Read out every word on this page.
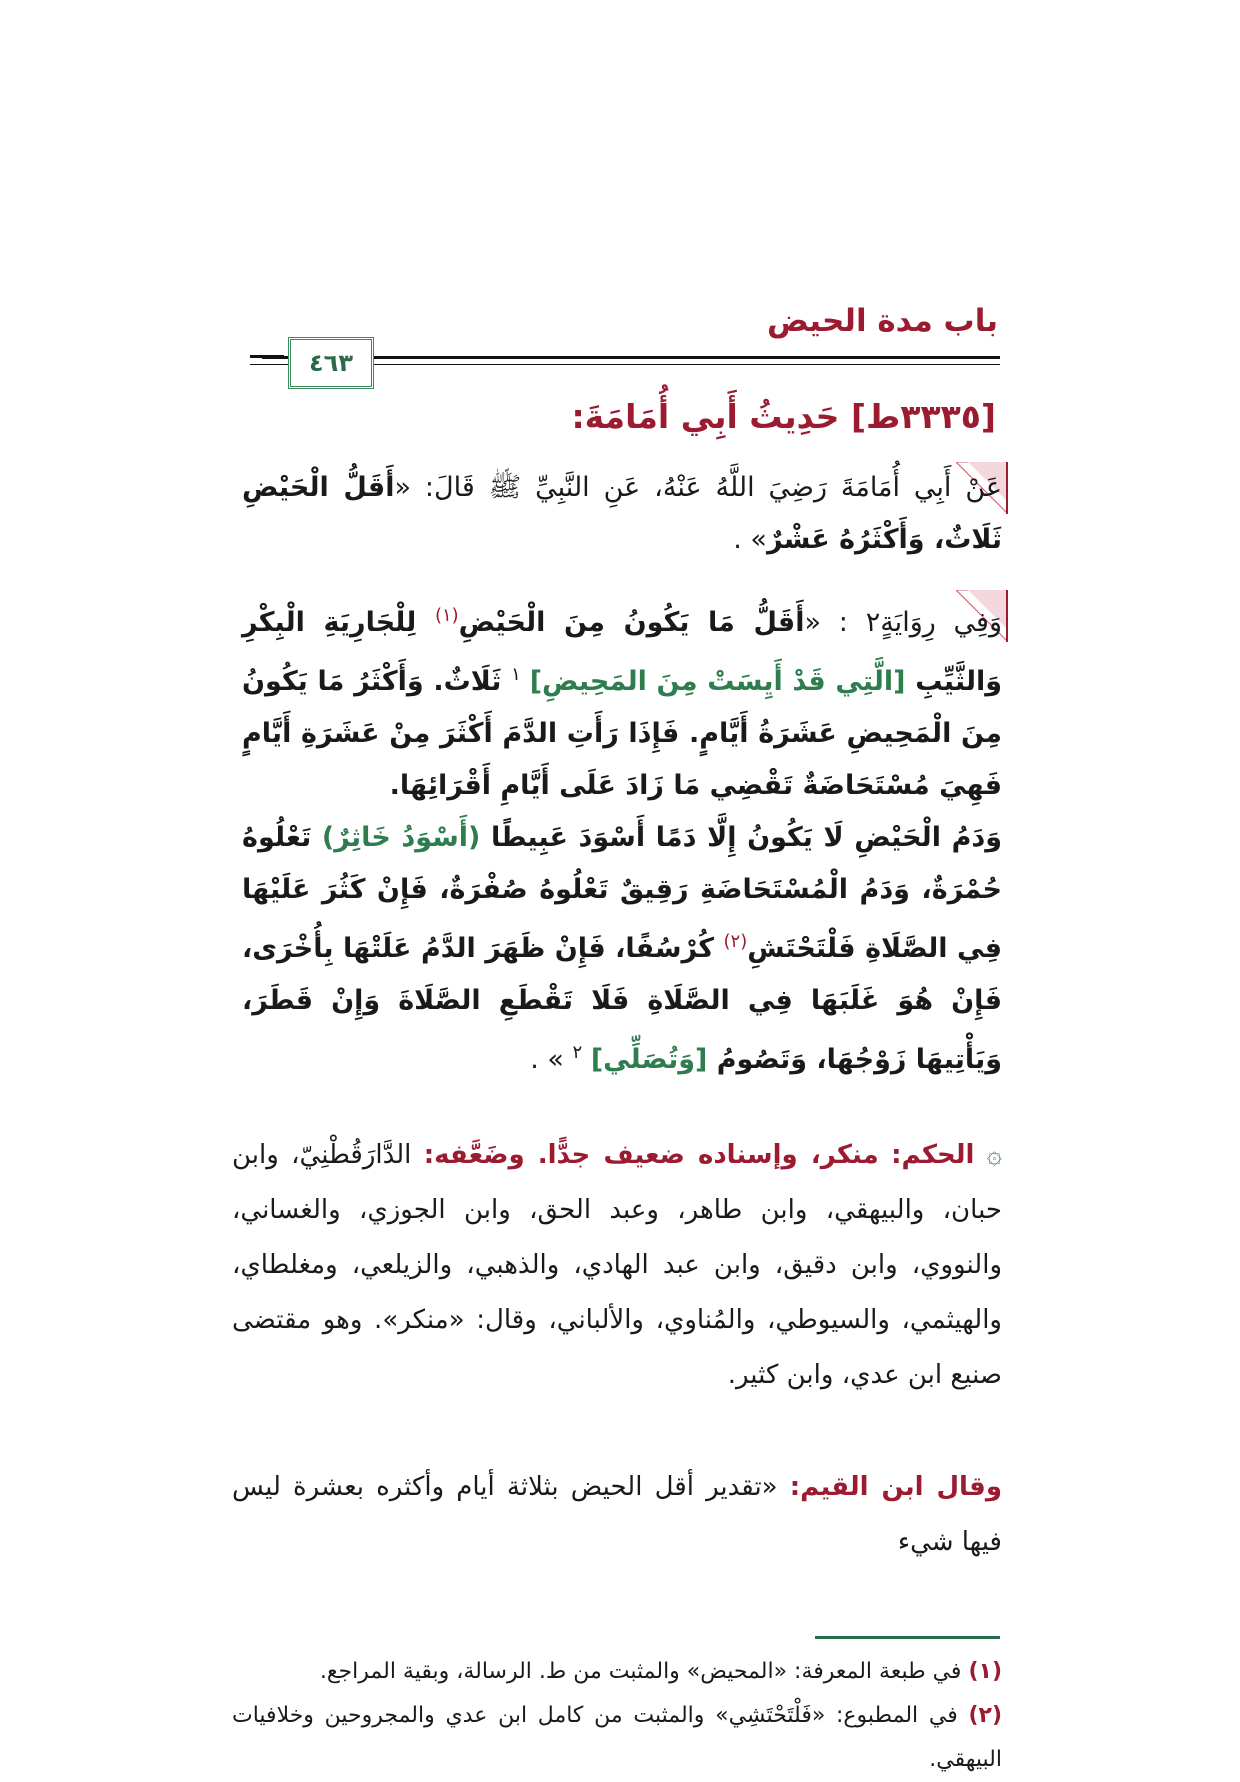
باب مدة الحيض
٤٦٣
[٣٣٣٥ط] حَدِيثُ أَبِي أُمَامَةَ:
عَنْ أَبِي أُمَامَةَ رَضِيَ اللَّهُ عَنْهُ، عَنِ النَّبِيِّ ﷺ قَالَ: «أَقَلُّ الْحَيْضِ ثَلَاثٌ، وَأَكْثَرُهُ عَشْرٌ» .
وَفِي رِوَايَةٍ٢ : «أَقَلُّ مَا يَكُونُ مِنَ الْحَيْضِ$^{(١)}$ لِلْجَارِيَةِ الْبِكْرِ وَالثَّيِّبِ [الَّتِي قَدْ أَيِسَتْ مِنَ المَحِيضِ] $^١$ ثَلَاثٌ. وَأَكْثَرُ مَا يَكُونُ مِنَ الْمَحِيضِ عَشَرَةُ أَيَّامٍ. فَإِذَا رَأَتِ الدَّمَ أَكْثَرَ مِنْ عَشَرَةِ أَيَّامٍ فَهِيَ مُسْتَحَاضَةٌ تَقْضِي مَا زَادَ عَلَى أَيَّامِ أَقْرَائِهَا.
وَدَمُ الْحَيْضِ لَا يَكُونُ إِلَّا دَمًا أَسْوَدَ عَبِيطًا (أَسْوَدُ خَاثِرٌ) تَعْلُوهُ حُمْرَةٌ، وَدَمُ الْمُسْتَحَاضَةِ رَقِيقٌ تَعْلُوهُ صُفْرَةٌ، فَإِنْ كَثُرَ عَلَيْهَا فِي الصَّلَاةِ فَلْتَحْتَشِ$^{(٢)}$ كُرْسُفًا، فَإِنْ ظَهَرَ الدَّمُ عَلَتْهَا بِأُخْرَى، فَإِنْ هُوَ غَلَبَهَا فِي الصَّلَاةِ فَلَا تَقْطَعِ الصَّلَاةَ وَإِنْ قَطَرَ، وَيَأْتِيهَا زَوْجُهَا، وَتَصُومُ [وَتُصَلِّي] $^٢$ » .
۞ الحكم: منكر، وإسناده ضعيف جدًّا. وضَعَّفه: الدَّارَقُطْنِيّ، وابن حبان، والبيهقي، وابن طاهر، وعبد الحق، وابن الجوزي، والغساني، والنووي، وابن دقيق، وابن عبد الهادي، والذهبي، والزيلعي، ومغلطاي، والهيثمي، والسيوطي، والمُناوي، والألباني، وقال: «منكر». وهو مقتضى صنيع ابن عدي، وابن كثير.
وقال ابن القيم: «تقدير أقل الحيض بثلاثة أيام وأكثره بعشرة ليس فيها شيء
(١) في طبعة المعرفة: «المحيض» والمثبت من ط. الرسالة، وبقية المراجع.
(٢) في المطبوع: «فَلْتَحْتَشِي» والمثبت من كامل ابن عدي والمجروحين وخلافيات البيهقي.
